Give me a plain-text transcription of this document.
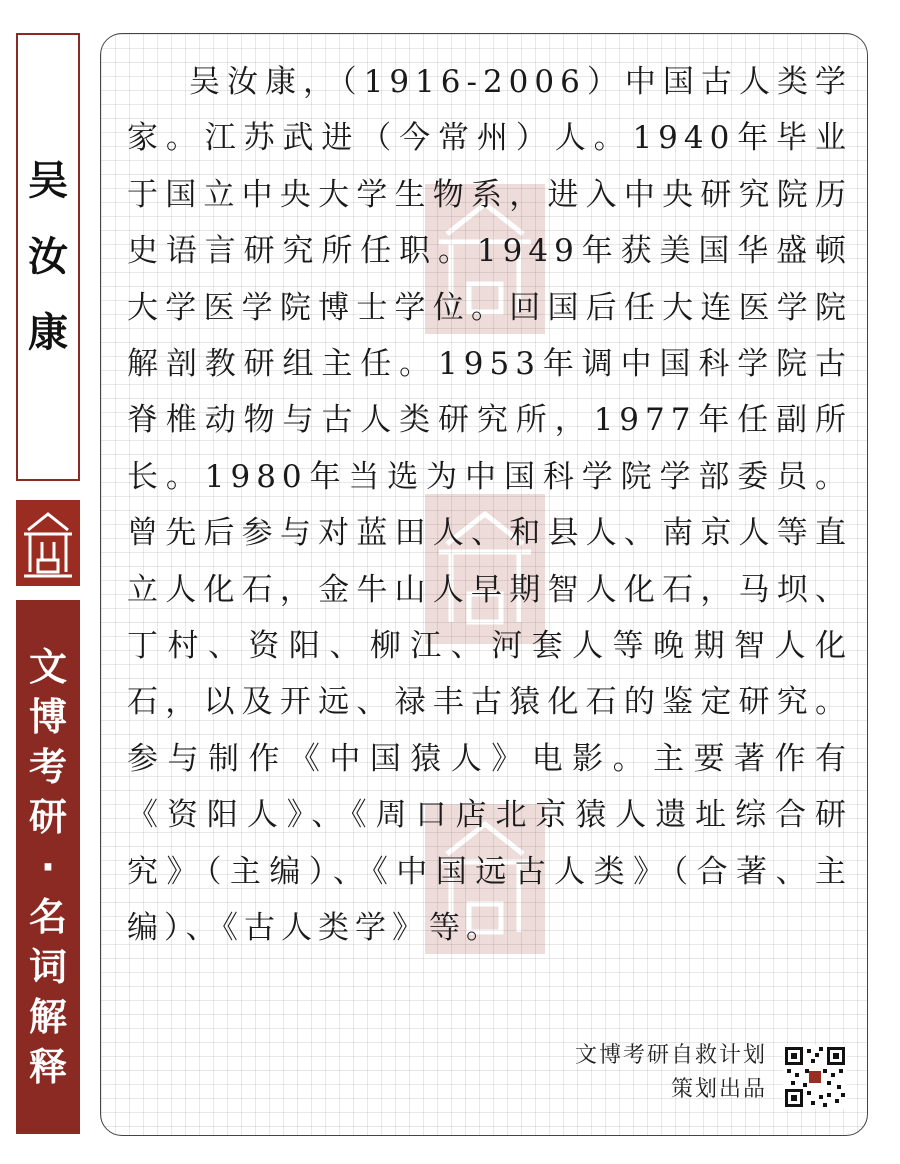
吴
汝
康
文
博
考
研
·
名
词
解
释

吴汝康，（1916-2006）中国古人类学家。江苏武进（今常州）人。1940年毕业于国立中央大学生物系，进入中央研究院历史语言研究所任职。1949年获美国华盛顿大学医学院博士学位。回国后任大连医学院解剖教研组主任。1953年调中国科学院古脊椎动物与古人类研究所，1977年任副所长。1980年当选为中国科学院学部委员。曾先后参与对蓝田人、和县人、南京人等直立人化石，金牛山人早期智人化石，马坝、丁村、资阳、柳江、河套人等晚期智人化石，以及开远、禄丰古猿化石的鉴定研究。参与制作《中国猿人》电影。主要著作有《资阳人》、《周口店北京猿人遗址综合研究》（主编）、《中国远古人类》（合著、主编）、《古人类学》等。

文博考研自救计划
策划出品
